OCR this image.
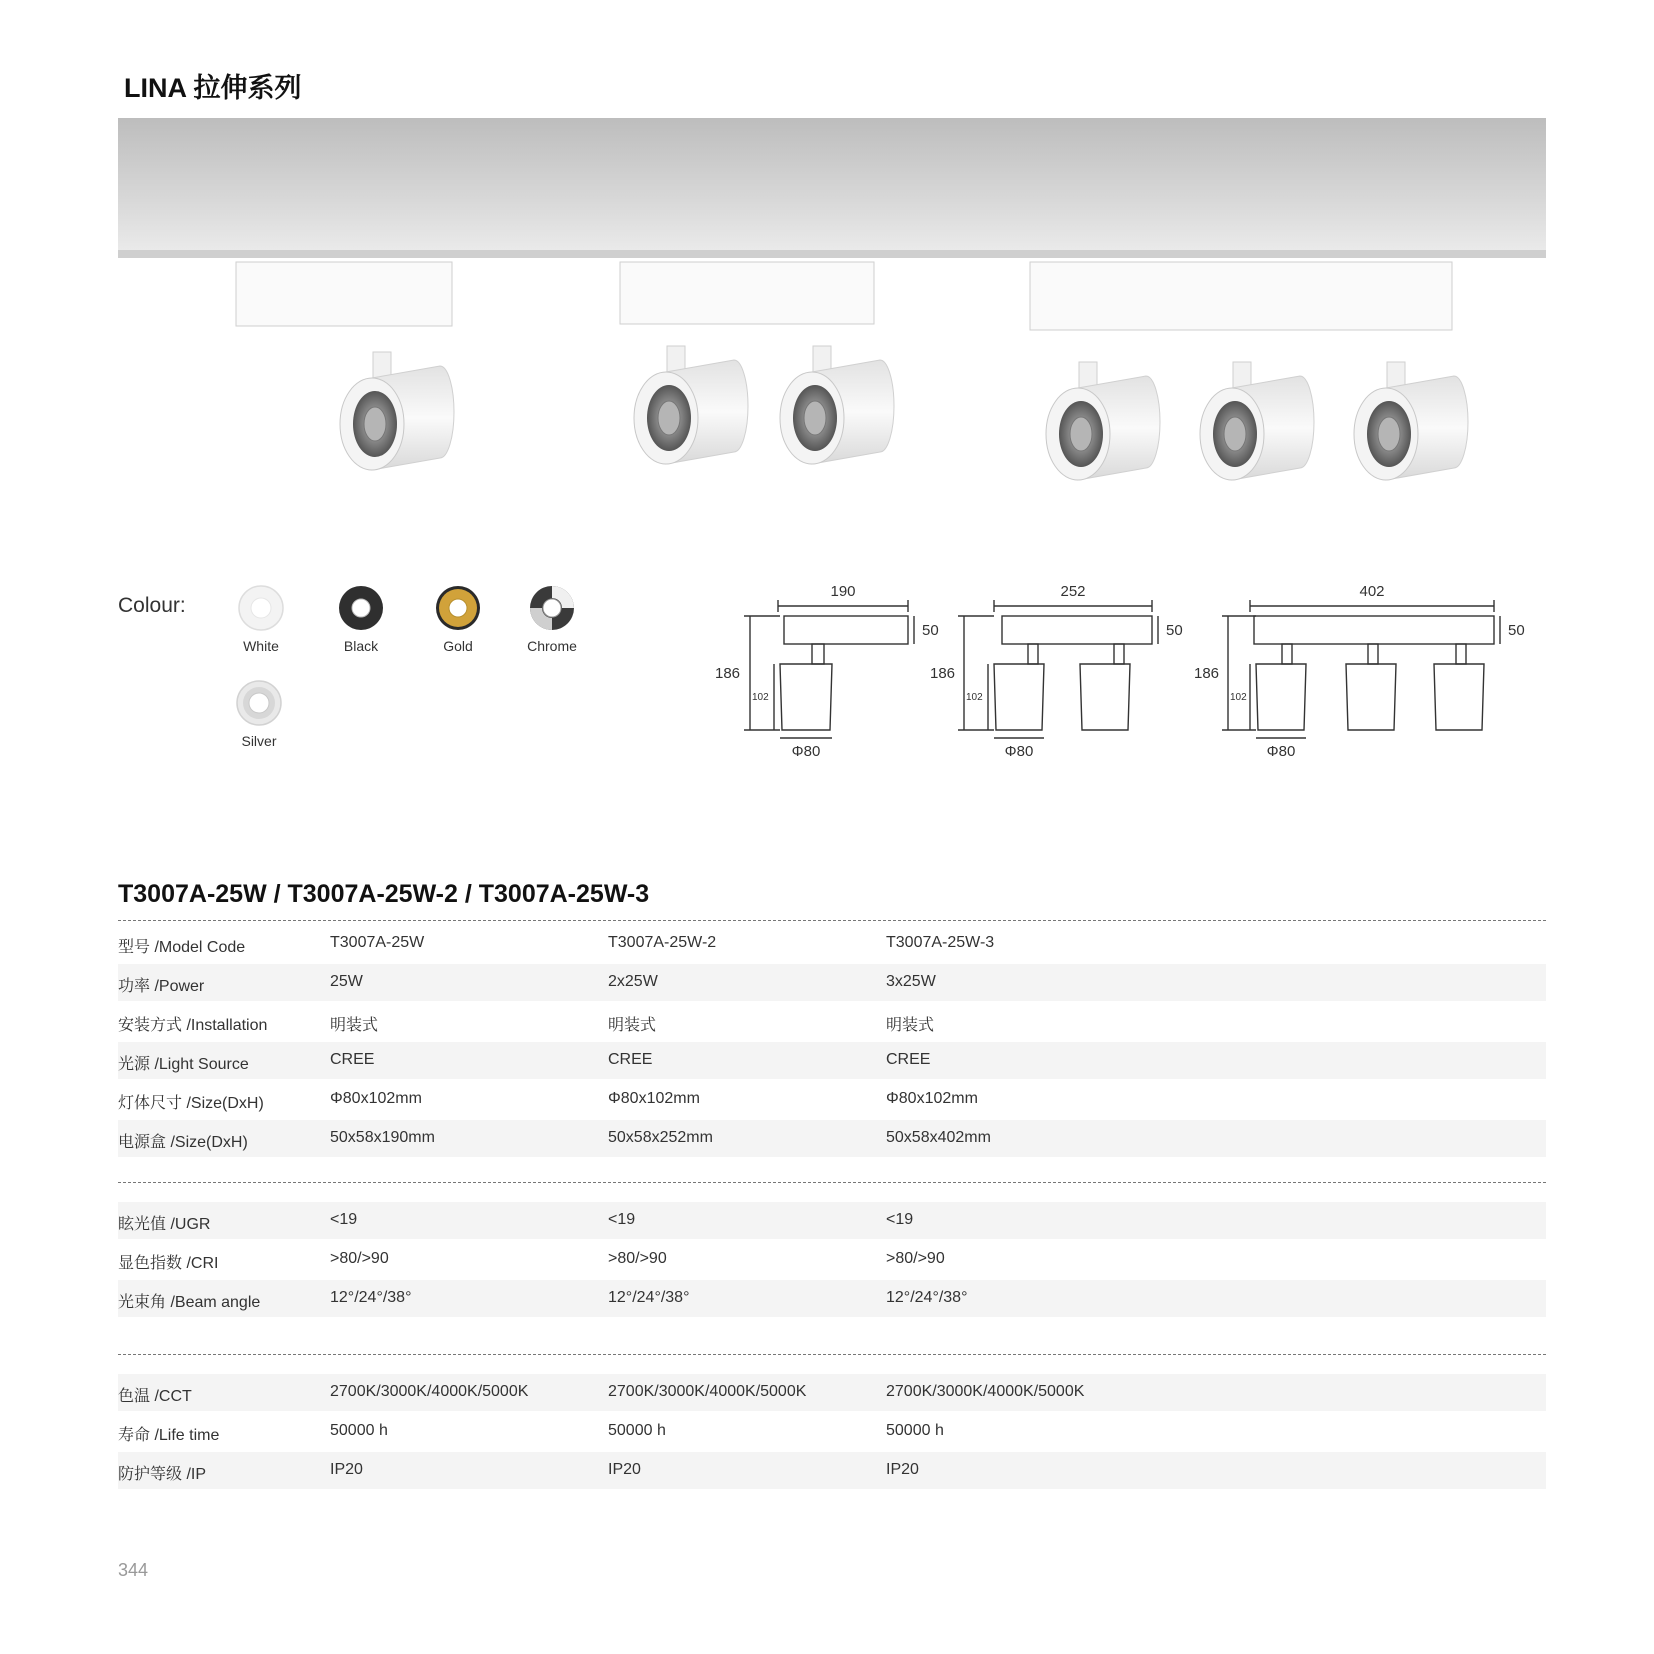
LINA 拉伸系列
Colour:
White	Black	Gold	Chrome
Silver
190
50
186
102
Φ80
252
50
186
102
Φ80
402
50
186
102
Φ80
T3007A-25W / T3007A-25W-2 / T3007A-25W-3
型号 /Model Code	T3007A-25W	T3007A-25W-2	T3007A-25W-3
功率 /Power	25W	2x25W	3x25W
安装方式 /Installation	明装式	明装式	明装式
光源 /Light Source	CREE	CREE	CREE
灯体尺寸 /Size(DxH)	Φ80x102mm	Φ80x102mm	Φ80x102mm
电源盒 /Size(DxH)	50x58x190mm	50x58x252mm	50x58x402mm
眩光值 /UGR	<19	<19	<19
显色指数 /CRI	>80/>90	>80/>90	>80/>90
光束角 /Beam angle	12°/24°/38°	12°/24°/38°	12°/24°/38°
色温 /CCT	2700K/3000K/4000K/5000K	2700K/3000K/4000K/5000K	2700K/3000K/4000K/5000K
寿命 /Life time	50000 h	50000 h	50000 h
防护等级 /IP	IP20	IP20	IP20
344
